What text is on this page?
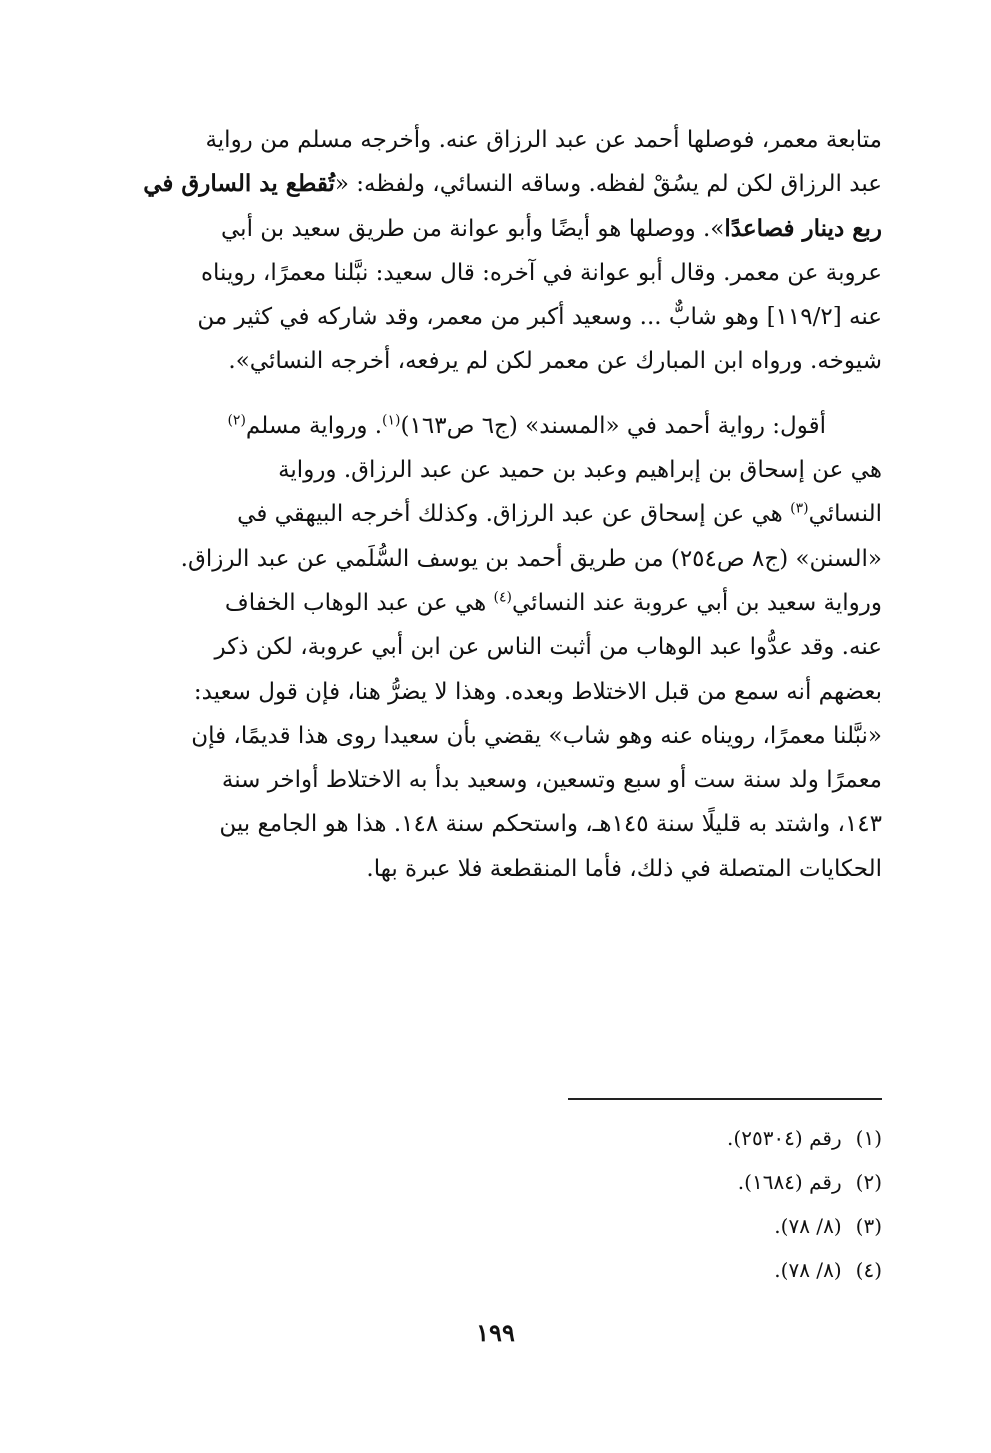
متابعة معمر، فوصلها أحمد عن عبد الرزاق عنه. وأخرجه مسلم من رواية
عبد الرزاق لكن لم يسُقْ لفظه. وساقه النسائي، ولفظه: «تُقطع يد السارق في
ربع دينار فصاعدًا». ووصلها هو أيضًا وأبو عوانة من طريق سعيد بن أبي
عروبة عن معمر. وقال أبو عوانة في آخره: قال سعيد: نبَّلنا معمرًا، رويناه
عنه [١١٩/٢] وهو شابٌّ ... وسعيد أكبر من معمر، وقد شاركه في كثير من
شيوخه. ورواه ابن المبارك عن معمر لكن لم يرفعه، أخرجه النسائي».

أقول: رواية أحمد في «المسند» (ج٦ ص١٦٣)$^{(١)}$. ورواية مسلم$^{(٢)}$
هي عن إسحاق بن إبراهيم وعبد بن حميد عن عبد الرزاق. ورواية
النسائي$^{(٣)}$ هي عن إسحاق عن عبد الرزاق. وكذلك أخرجه البيهقي في
«السنن» (ج٨ ص٢٥٤) من طريق أحمد بن يوسف السُّلَمي عن عبد الرزاق.
ورواية سعيد بن أبي عروبة عند النسائي$^{(٤)}$ هي عن عبد الوهاب الخفاف
عنه. وقد عدُّوا عبد الوهاب من أثبت الناس عن ابن أبي عروبة، لكن ذكر
بعضهم أنه سمع من قبل الاختلاط وبعده. وهذا لا يضرُّ هنا، فإن قول سعيد:
«نبَّلنا معمرًا، رويناه عنه وهو شاب» يقضي بأن سعيدا روى هذا قديمًا، فإن
معمرًا ولد سنة ست أو سبع وتسعين، وسعيد بدأ به الاختلاط أواخر سنة
١٤٣، واشتد به قليلًا سنة ١٤٥هـ، واستحكم سنة ١٤٨. هذا هو الجامع بين
الحكايات المتصلة في ذلك، فأما المنقطعة فلا عبرة بها.

(١)رقم (٢٥٣٠٤).
(٢)رقم (١٦٨٤).
(٣)(٨/ ٧٨).
(٤)(٨/ ٧٨).
١٩٩
